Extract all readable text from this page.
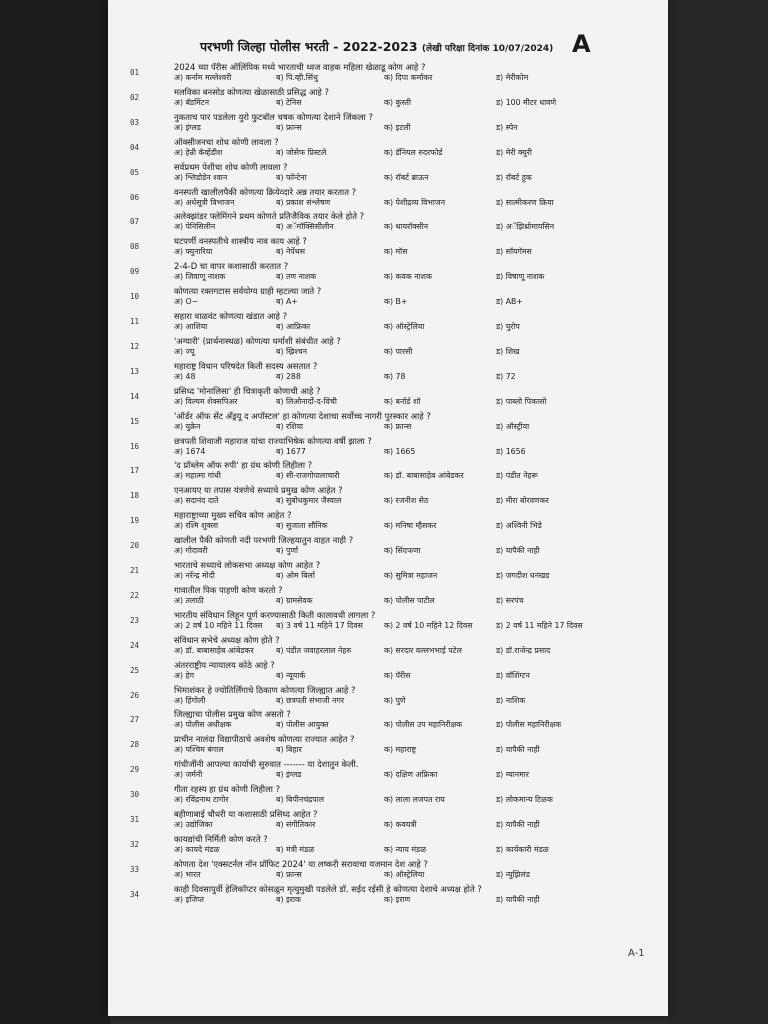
परभणी जिल्हा पोलीस भरती - 2022-2023 (लेखी परिक्षा दिनांक 10/07/2024) A
01
2024 च्या पॅरीस ऑलिंपिक मध्ये भारताची ध्वज वाहक महिला खेळाडू कोण आहे ?
अ) कर्नाम मल्लेश्वरी	ब) पि.व्ही.सिंधु	क) दिपा कर्माकर	ड) मेरीकोम
02
मलविका बनसोड कोणत्या खेळासाठी प्रसिद्ध आहे ?
अ) बॅडमिंटन	ब) टेनिस	क) कुस्ती	ड) 100 मीटर धावणे
03
नुकताच पार पडलेला युरो फुटबॉल चषक कोणत्या देशाने जिंकला ?
अ) इंग्लड	ब) फ्रान्स	क) इटली	ड) स्पेन
04
ऑक्सीजनचा शोध कोणी लावला ?
अ) हेन्री कॅव्हेंडीश	ब) जोसेफ प्रिस्टले	क) डॅनियल रुदरफोर्ड	ड) मेरी क्युरी
05
सर्वप्रथम पेशीचा शोध कोणी लावला ?
अ) श्लिडोडेन श्वान	ब) फॉन्टेना	क) रॉबर्ट ब्राऊन	ड) रॉबर्ट हुक
06
वनस्पती खालीलपैकी कोणत्या क्रियेव्दारे अन्न तयार करतात ?
अ) अर्धसूत्री विभाजन	ब) प्रकाश संश्लेषण	क) पेशीद्रव्य विभाजन	ड) सात्मीकरण क्रिया
07
अलेक्झांडर फ्लेमिंगने प्रथम कोणते प्रतिजैविक तयार केले होते ?
अ) पेनिसिलीन	ब) अॅमॉक्सिसीलीन	क) थायरॉक्सीन	ड) अॅझिथ्रोमायसिन
08
घटपर्णी वनस्पतीचे शास्त्रीय नाव काय आहे ?
अ) फ्युनारिया	ब) नेपेंथस	क) मॉस	ड) सॉयगॅमस
09
2-4-D चा वापर कशासाठी करतात ?
अ) जिवाणू नाशक	ब) तण नाशक	क) कवक नाशक	ड) विषाणू नाशक
10
कोणत्या रक्तगटास सर्वयोग्य ग्राही म्हटल्या जाते ?
अ) O−	ब) A+	क) B+	ड) AB+
11
सहारा वाळवंट कोणत्या खंडात आहे ?
अ) आशिया	ब) आफ्रिका	क) ऑस्ट्रेलिया	ड) युरोप
12
'अग्यारी' (प्रार्थनास्थळ) कोणत्या धर्माशी संबंधीत आहे ?
अ) ज्यू	ब) ख्रिश्चन	क) पारसी	ड) शिख
13
महाराष्ट्र विधान परिषदेत किती सदस्य असतात ?
अ) 48	ब) 288	क) 78	ड) 72
14
प्रसिध्द 'मोनालिसा' ही चित्राकृती कोणाची आहे ?
अ) विल्यम शेक्सपिअर	ब) लिओनार्दो-द-विंची	क) बर्नार्ड शॉ	ड) पाब्लो पिकासो
15
'ऑर्डर ऑफ सेंट अँड्रयू द अपॉस्टल' हा कोणत्या देशाचा सर्वोच्च नागरी पुरस्कार आहे ?
अ) युक्रेन	ब) रशिया	क) फ्रान्स	ड) ऑस्ट्रीया
16
छत्रपती शिवाजी महाराज यांचा राज्याभिषेक कोणत्या वर्षी झाला ?
अ) 1674	ब) 1677	क) 1665	ड) 1656
17
'द प्रॉब्लेम ऑफ रुपी' हा ग्रंथ कोणी लिहीला ?
अ) महात्मा गांधी	ब) सी-राजगोपालाचारी	क) डॉ. बाबासाहेब आंबेडकर	ड) पंडीत नेहरू
18
एनआयए या तपास यंत्रणेचे सध्याचे प्रमुख कोण आहेत ?
अ) सदानंद दाते	ब) सुबोधकुमार जैस्वाल	क) रजनीश सेठ	ड) मीरा बोरवणकर
19
महाराष्ट्राच्या मुख्य सचिव कोण आहेत ?
अ) रश्मि शुक्ला	ब) सुजाता सौनिक	क) मनिषा म्हैसकर	ड) अश्विनी भिडे
20
खालील पैकी कोणती नदी परभणी जिल्हयातुन वाहत नाही ?
अ) गोदावरी	ब) पुर्णा	क) सिंदफणा	ड) यापैकी नाही
21
भारताचे सध्याचे लोकसभा अध्यक्ष कोण आहेत ?
अ) नरेंन्द्र मोदी	ब) ओम बिर्ला	क) सुमित्रा महाजन	ड) जगदीश धनखड
22
गावातील पिक पाहणी कोण करतो ?
अ) तलाठी	ब) ग्रामसेवक	क) पोलीस पाटील	ड) सरपंच
23
भारतीय संविधान लिहून पूर्ण करण्यासाठी किती कालावधी लागला ?
अ) 2 वर्ष 10 महिने 11 दिवस ब) 3 वर्ष 11 महिने 17 दिवस	क) 2 वर्ष 10 महिने 12 दिवस	ड) 2 वर्ष 11 महिने 17 दिवस
24
संविधान सभेचे अध्यक्ष कोण होते ?
अ) डॉ. बाबासाहेब आंबेडकर	ब) पंडीत जवाहरलाल नेहरु	क) सरदार वल्लभभाई पटेल	ड) डॉ.राजेन्द्र प्रसाद
25
अंतरराष्ट्रीय न्यायालय कोठे आहे ?
अ) हेग	ब) न्यूयार्क	क) पॅरीस	ड) वॉशिंग्टन
26
भिमाशंकर हे ज्योतिर्लिंगाचे ठिकाण कोणत्या जिल्ह्यात आहे ?
अ) हिंगोली	ब) छत्रपती संभाजी नगर	क) पुणे	ड) नाशिक
27
जिल्ह्याचा पोलीस प्रमुख कोण असतो ?
अ) पोलीस अधीक्षक	ब) पोलीस आयुक्त	क) पोलीस उप महानिरीक्षक	ड) पोलीस महानिरीक्षक
28
प्राचीन नालंदा विद्यापीठाचे अवशेष कोणत्या राज्यात आहेत ?
अ) पश्चिम बंगाल	ब) बिहार	क) महाराष्ट्र	ड) यापैकी नाही
29
गांधीजींनी आपल्या कार्याची सुरुवात ------- या देशातुन केली.
अ) जर्मनी	ब) इंग्लड	क) दक्षिण अफ्रिका	ड) म्यानमार
30
गीता रहस्य हा ग्रंथ कोणी लिहीला ?
अ) रविंद्रनाथ टागोर	ब) बिपीनचंद्रपाल	क) लाला लजपत राय	ड) लोकमान्य टिळक
31
बहीणाबाई चौधरी या कशासाठी प्रसिध्द आहेत ?
अ) उद्योजिका	ब) संगीतिकार	क) कवयत्री	ड) यापैकी नाही
32
कायद्यांची निर्मिती कोण करते ?
अ) कायदे मंडळ	ब) मंत्री मंडळ	क) न्याय मंडळ	ड) कार्यकारी मंडळ
33
कोणता देश 'एक्सटर्नल नॉन प्रॉफिट 2024' या लष्करी सरावाचा यजमान देश आहे ?
अ) भारत	ब) फ्रान्स	क) ऑस्ट्रेलिया	ड) न्युझिलंड
34
काही दिवसापुर्वी हेलिकॉप्टर कोसळून मृत्युमुखी पडलेले डॉ. सईद रईसी हे कोणत्या देशाचे अध्यक्ष होते ?
अ) इजिप्त	ब) इराक	क) इराण	ड) यापैकी नाही
A-1
